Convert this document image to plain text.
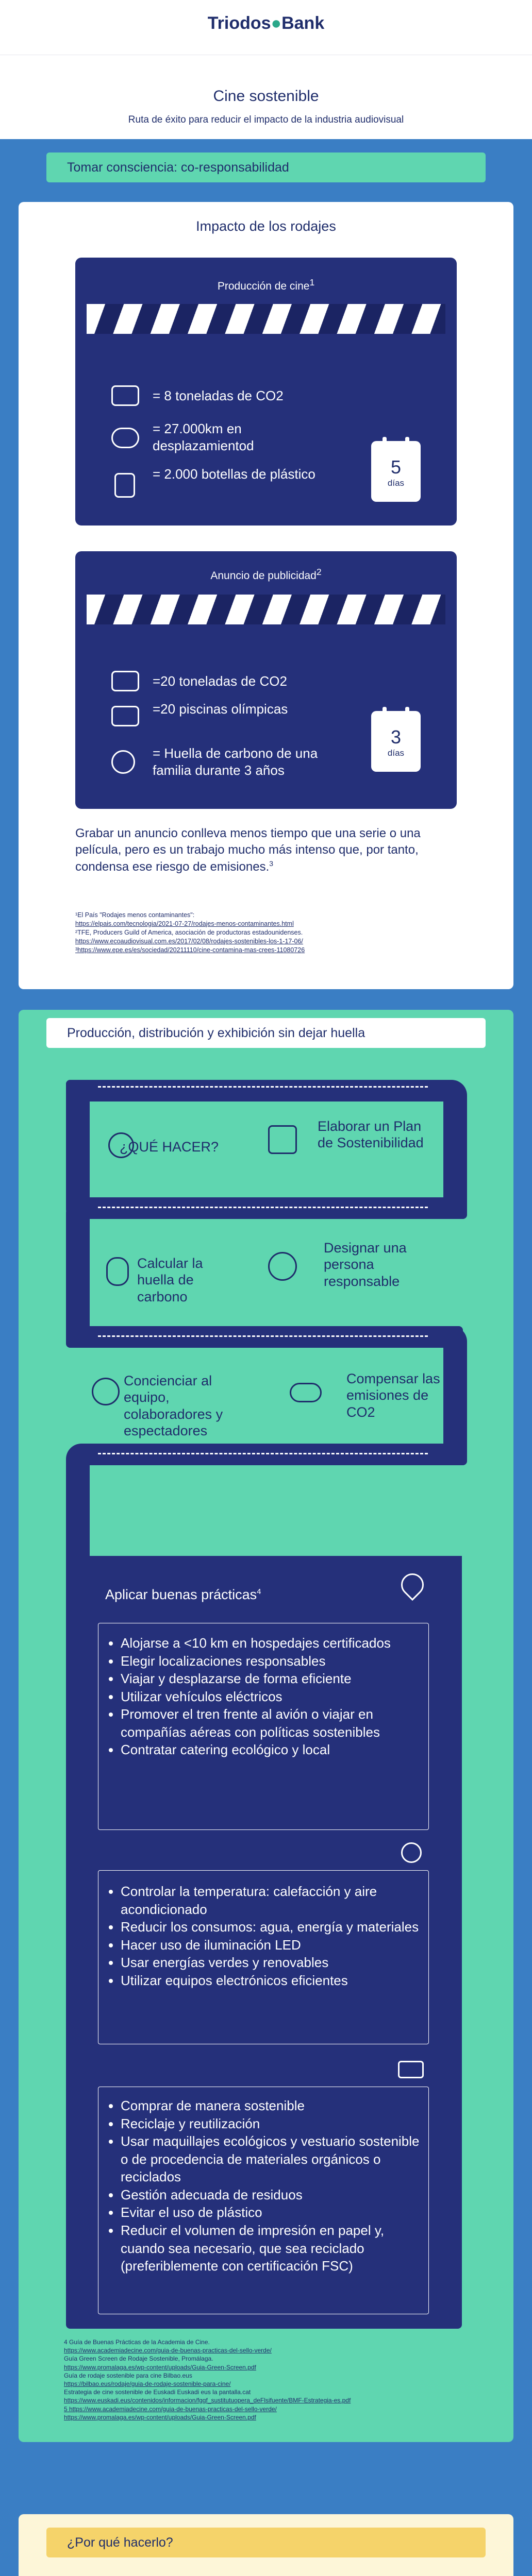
Triodos●Bank
Cine sostenible
Ruta de éxito para reducir el impacto de la industria audiovisual
Tomar consciencia: co-responsabilidad
Impacto de los rodajes
Producción de cine$^1$
= 8 toneladas de CO2
= 27.000km en desplazamientod
= 2.000 botellas de plástico	5
días
Anuncio de publicidad$^2$
=20 toneladas de CO2
=20 piscinas olímpicas
= Huella de carbono de una familia durante 3 años
3
días
Grabar un anuncio conlleva menos tiempo que una serie o una película, pero es un trabajo mucho más intenso que, por tanto, condensa ese riesgo de emisiones.$^3$
¹El País "Rodajes menos contaminantes":
https://elpais.com/tecnologia/2021-07-27/rodajes-menos-contaminantes.html
²TFE, Producers Guild of America, asociación de productoras estadounidenses.
https://www.ecoaudiovisual.com.es/2017/02/08/rodajes-sostenibles-los-1-17-06/
³https://www.epe.es/es/sociedad/20211110/cine-contamina-mas-crees-11080726
Producción, distribución y exhibición sin dejar huella
¿QUÉ HACER?
Elaborar un Plan de Sostenibilidad
Calcular la huella de carbono
Designar una persona responsable
Concienciar al equipo, colaboradores y espectadores
Compensar las emisiones de CO2
Aplicar buenas prácticas$^4$
• Alojarse a <10 km en hospedajes certificados
• Elegir localizaciones responsables
• Viajar y desplazarse de forma eficiente
• Utilizar vehículos eléctricos
• Promover el tren frente al avión o viajar en compañías aéreas con políticas sostenibles
• Contratar catering ecológico y local
• Controlar la temperatura: calefacción y aire acondicionado
• Reducir los consumos: agua, energía y materiales
• Hacer uso de iluminación LED
• Usar energías verdes y renovables
• Utilizar equipos electrónicos eficientes
• Comprar de manera sostenible
• Reciclaje y reutilización
• Usar maquillajes ecológicos y vestuario sostenible o de procedencia de materiales orgánicos o reciclados
• Gestión adecuada de residuos
• Evitar el uso de plástico
• Reducir el volumen de impresión en papel y, cuando sea necesario, que sea reciclado (preferiblemente con certificación FSC)
4 Guía de Buenas Prácticas de la Academia de Cine.
https://www.academiadecine.com/guia-de-buenas-practicas-del-sello-verde/
Guía Green Screen de Rodaje Sostenible, Promálaga.
https://www.promalaga.es/wp-content/uploads/Guia-Green-Screen.pdf
Guía de rodaje sostenible para cine Bilbao.eus
https://bilbao.eus/rodaje/guia-de-rodaje-sostenible-para-cine/
Estrategia de cine sostenible de Euskadi Euskadi eus la pantalla.cat
https://www.euskadi.eus/contenidos/informacion/fggf_sustitutuopera_deFlsifuente/BMF-Estrategia-es.pdf
5 https://www.academiadecine.com/guia-de-buenas-practicas-del-sello-verde/
https://www.promalaga.es/wp-content/uploads/Guia-Green-Screen.pdf
¿Por qué hacerlo?
